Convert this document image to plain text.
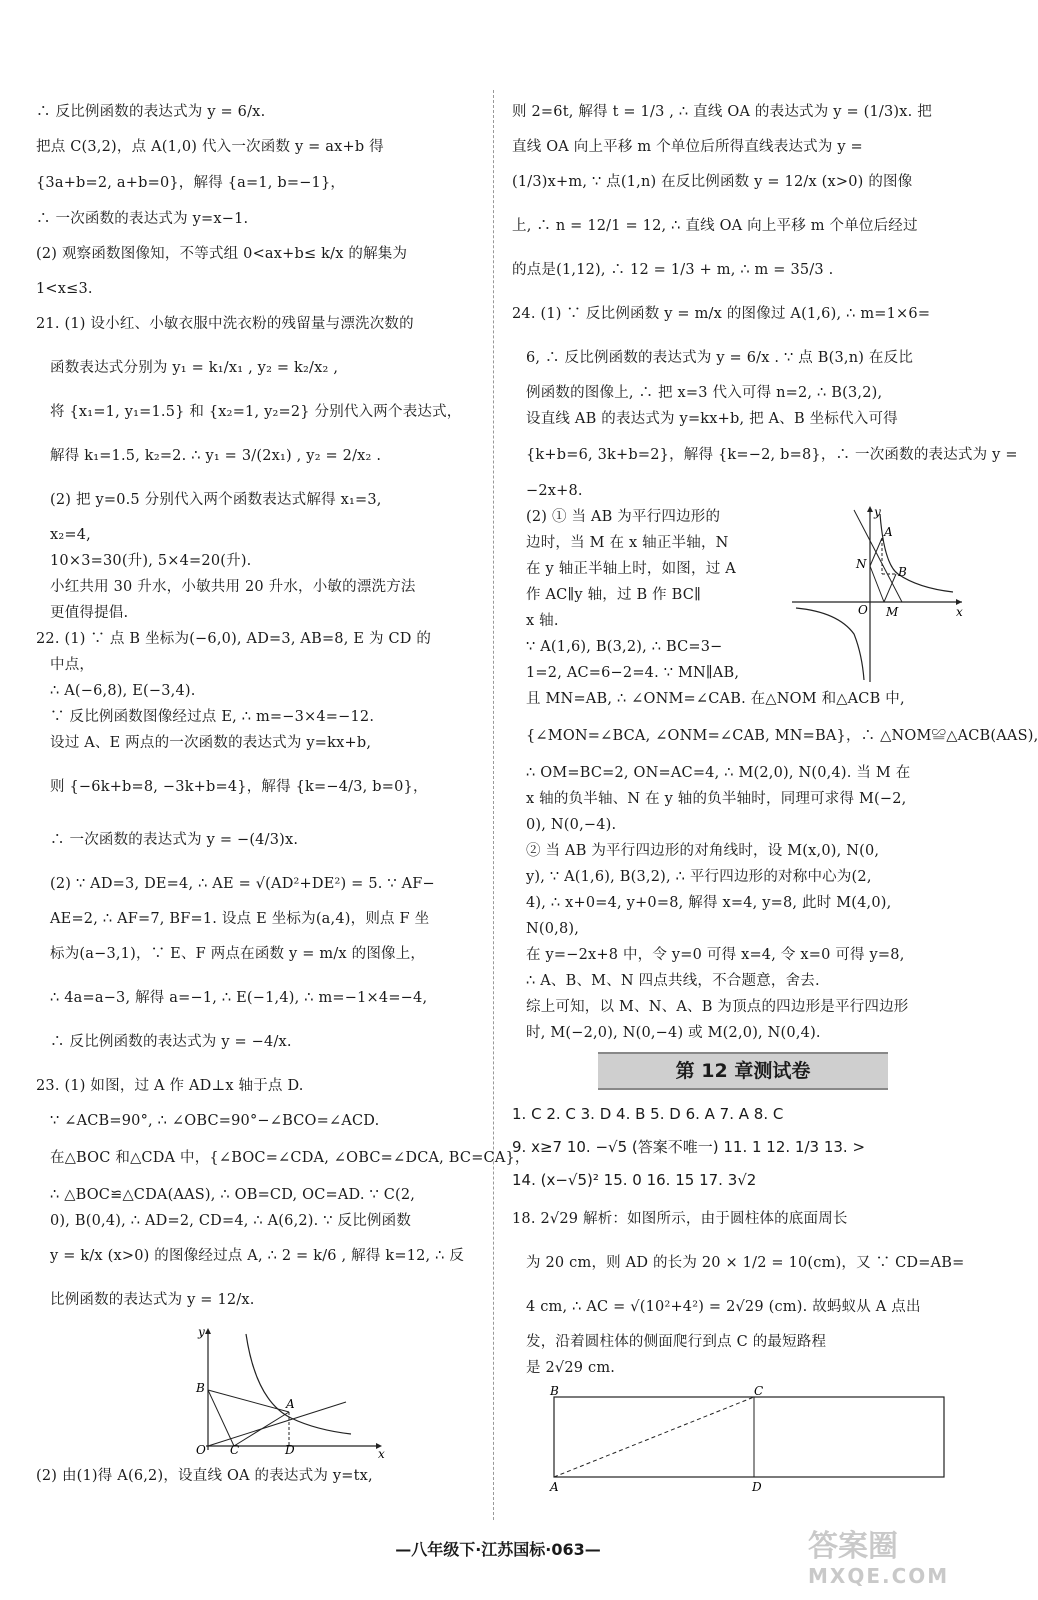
∴ 反比例函数的表达式为 y = 6/x.
把点 C(3,2)，点 A(1,0) 代入一次函数 y = ax+b 得
{3a+b=2, a+b=0}，解得 {a=1, b=−1}，
∴ 一次函数的表达式为 y=x−1.
(2) 观察函数图像知，不等式组 0<ax+b≤ k/x 的解集为
1<x≤3.
21. (1) 设小红、小敏衣服中洗衣粉的残留量与漂洗次数的
函数表达式分别为 y₁ = k₁/x₁ , y₂ = k₂/x₂ ,
将 {x₁=1, y₁=1.5} 和 {x₂=1, y₂=2} 分别代入两个表达式，
解得 k₁=1.5, k₂=2. ∴ y₁ = 3/(2x₁) , y₂ = 2/x₂ .
(2) 把 y=0.5 分别代入两个函数表达式解得 x₁=3,
x₂=4,
10×3=30(升), 5×4=20(升).
小红共用 30 升水，小敏共用 20 升水，小敏的漂洗方法
更值得提倡.
22. (1) ∵ 点 B 坐标为(−6,0), AD=3, AB=8, E 为 CD 的
中点，
∴ A(−6,8), E(−3,4).
∵ 反比例函数图像经过点 E, ∴ m=−3×4=−12.
设过 A、E 两点的一次函数的表达式为 y=kx+b,
则 {−6k+b=8, −3k+b=4}，解得 {k=−4/3, b=0}，
∴ 一次函数的表达式为 y = −(4/3)x.
(2) ∵ AD=3, DE=4, ∴ AE = √(AD²+DE²) = 5. ∵ AF−
AE=2, ∴ AF=7, BF=1. 设点 E 坐标为(a,4)，则点 F 坐
标为(a−3,1)，∵ E、F 两点在函数 y = m/x 的图像上，
∴ 4a=a−3, 解得 a=−1, ∴ E(−1,4), ∴ m=−1×4=−4,
∴ 反比例函数的表达式为 y = −4/x.
23. (1) 如图，过 A 作 AD⊥x 轴于点 D.
∵ ∠ACB=90°, ∴ ∠OBC=90°−∠BCO=∠ACD.
在△BOC 和△CDA 中，{∠BOC=∠CDA, ∠OBC=∠DCA, BC=CA}，
∴ △BOC≌△CDA(AAS), ∴ OB=CD, OC=AD. ∵ C(2,
0), B(0,4), ∴ AD=2, CD=4, ∴ A(6,2). ∵ 反比例函数
y = k/x (x>0) 的图像经过点 A, ∴ 2 = k/6 , 解得 k=12, ∴ 反
比例函数的表达式为 y = 12/x.
y
x
B
A
O C	D
(2) 由(1)得 A(6,2)，设直线 OA 的表达式为 y=tx,
则 2=6t, 解得 t = 1/3 , ∴ 直线 OA 的表达式为 y = (1/3)x. 把
直线 OA 向上平移 m 个单位后所得直线表达式为 y =
(1/3)x+m, ∵ 点(1,n) 在反比例函数 y = 12/x (x>0) 的图像
上, ∴ n = 12/1 = 12, ∴ 直线 OA 向上平移 m 个单位后经过
的点是(1,12), ∴ 12 = 1/3 + m, ∴ m = 35/3 .
24. (1) ∵ 反比例函数 y = m/x 的图像过 A(1,6), ∴ m=1×6=
6, ∴ 反比例函数的表达式为 y = 6/x . ∵ 点 B(3,n) 在反比
例函数的图像上, ∴ 把 x=3 代入可得 n=2, ∴ B(3,2),
设直线 AB 的表达式为 y=kx+b, 把 A、B 坐标代入可得
{k+b=6, 3k+b=2}，解得 {k=−2, b=8}，∴ 一次函数的表达式为 y =
−2x+8.
(2) ① 当 AB 为平行四边形的
边时，当 M 在 x 轴正半轴，N
在 y 轴正半轴上时，如图，过 A
作 AC∥y 轴，过 B 作 BC∥
x 轴.
∵ A(1,6), B(3,2), ∴ BC=3−
1=2, AC=6−2=4. ∵ MN∥AB,
y
x
A
B
N
O M
且 MN=AB, ∴ ∠ONM=∠CAB. 在△NOM 和△ACB 中,
{∠MON=∠BCA, ∠ONM=∠CAB, MN=BA}，∴ △NOM≌△ACB(AAS),
∴ OM=BC=2, ON=AC=4, ∴ M(2,0), N(0,4). 当 M 在
x 轴的负半轴、N 在 y 轴的负半轴时，同理可求得 M(−2,
0), N(0,−4).
② 当 AB 为平行四边形的对角线时，设 M(x,0), N(0,
y), ∵ A(1,6), B(3,2), ∴ 平行四边形的对称中心为(2,
4), ∴ x+0=4, y+0=8, 解得 x=4, y=8, 此时 M(4,0),
N(0,8),
在 y=−2x+8 中，令 y=0 可得 x=4, 令 x=0 可得 y=8,
∴ A、B、M、N 四点共线，不合题意，舍去.
综上可知，以 M、N、A、B 为顶点的四边形是平行四边形
时, M(−2,0), N(0,−4) 或 M(2,0), N(0,4).
第 12 章测试卷
1. C 2. C 3. D 4. B 5. D 6. A 7. A 8. C
9. x≥7 10. −√5 (答案不唯一) 11. 1 12. 1/3 13. >
14. (x−√5)² 15. 0 16. 15 17. 3√2
18. 2√29 解析：如图所示，由于圆柱体的底面周长
为 20 cm，则 AD 的长为 20 × 1/2 = 10(cm)，又 ∵ CD=AB=
4 cm, ∴ AC = √(10²+4²) = 2√29 (cm). 故蚂蚁从 A 点出
发，沿着圆柱体的侧面爬行到点 C 的最短路程
是 2√29 cm.
B	C
A	D
—八年级下·江苏国标·063—	答案圈
MXQE.COM
